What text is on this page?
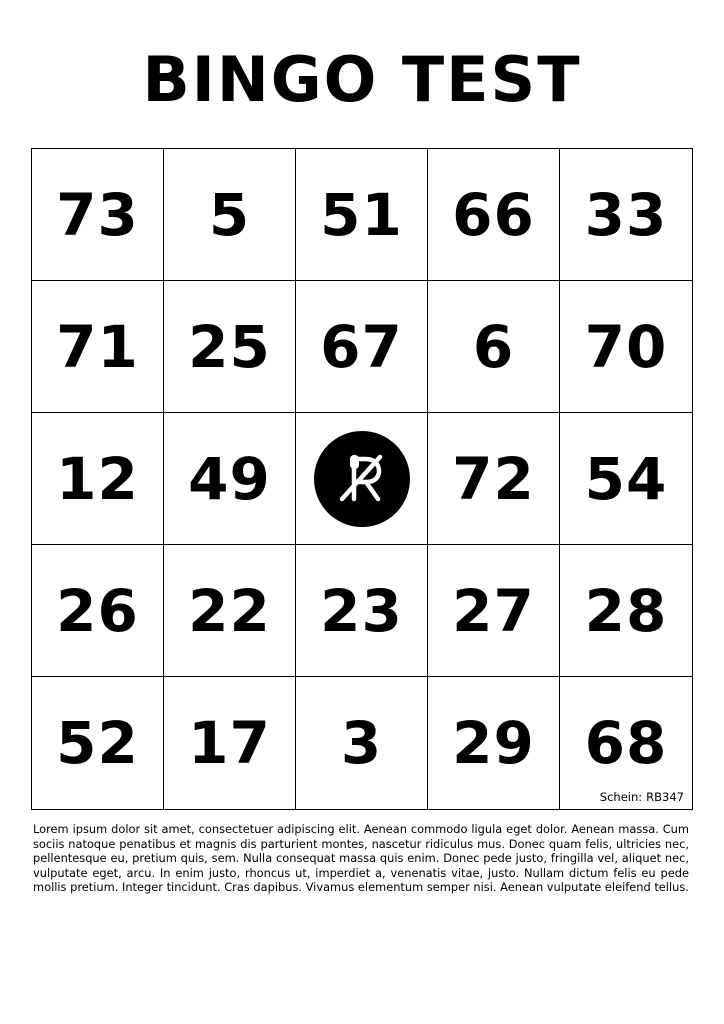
BINGO TEST
73 5 51 66 33
71 25 67 6 70
12 49	72 54
26 22 23 27 28
52 17 3 29 68
Schein: RB347

Lorem ipsum dolor sit amet, consectetuer adipiscing elit. Aenean commodo ligula eget dolor. Aenean massa. Cum sociis natoque penatibus et magnis dis parturient montes, nascetur ridiculus mus. Donec quam felis, ultricies nec, pellentesque eu, pretium quis, sem. Nulla consequat massa quis enim. Donec pede justo, fringilla vel, aliquet nec, vulputate eget, arcu. In enim justo, rhoncus ut, imperdiet a, venenatis vitae, justo. Nullam dictum felis eu pede mollis pretium. Integer tincidunt. Cras dapibus. Vivamus elementum semper nisi. Aenean vulputate eleifend tellus.
